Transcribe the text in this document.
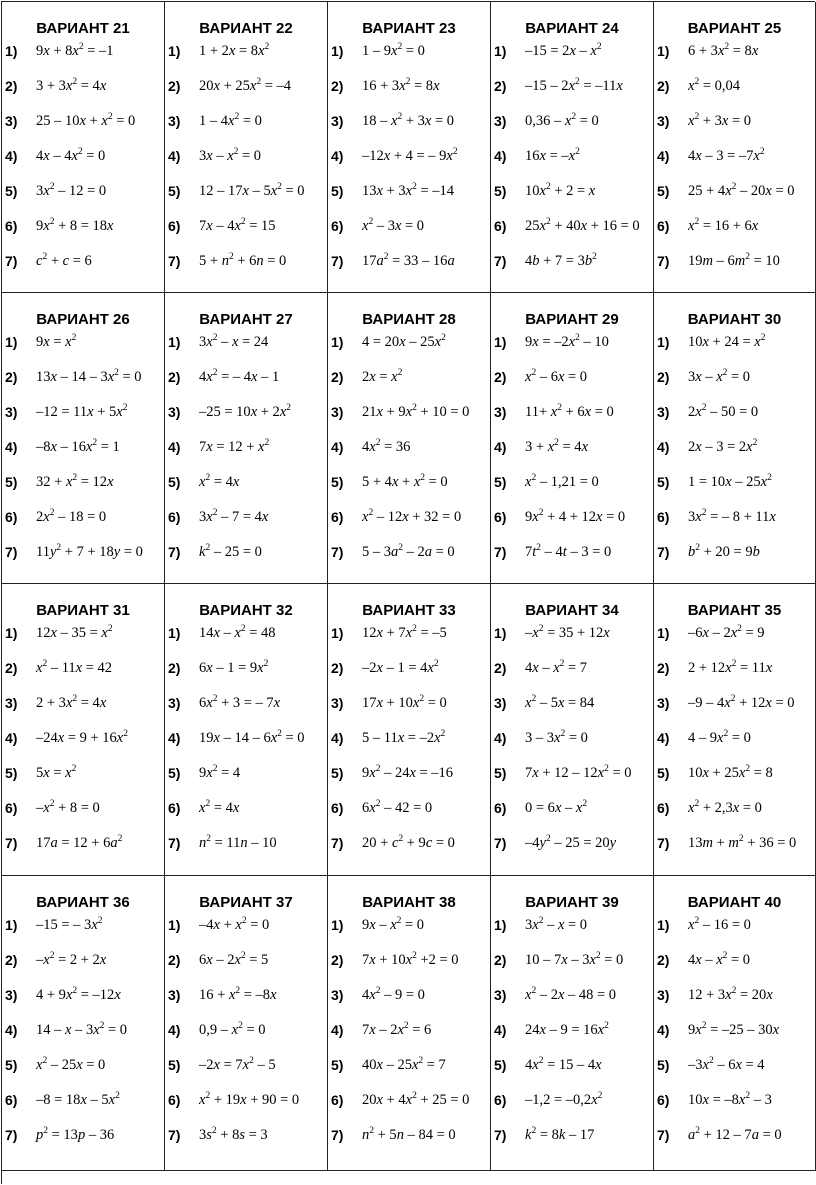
ВАРИАНТ 21
1)	$9x + 8x^2 = -1$
2)	$3 + 3x^2 = 4x$
3)	$25 - 10x + x^2 = 0$
4)	$4x - 4x^2 = 0$
5)	$3x^2 - 12 = 0$
6)	$9x^2 + 8 = 18x$
7)	$c^2 + c = 6$
ВАРИАНТ 22
1)	$1 + 2x = 8x^2$
2)	$20x + 25x^2 = -4$
3)	$1 - 4x^2 = 0$
4)	$3x - x^2 = 0$
5)	$12 - 17x - 5x^2 = 0$
6)	$7x - 4x^2 = 15$
7)	$5 + n^2 + 6n = 0$
ВАРИАНТ 23
1)	$1 - 9x^2 = 0$
2)	$16 + 3x^2 = 8x$
3)	$18 - x^2 + 3x = 0$
4)	–12x + 4 = – $9x^2$
5)	$13x + 3x^2 = -14$
6)	$x^2 - 3x = 0$
7)	$17a^2 = 33 - 16a$
ВАРИАНТ 24
1)	$-15 = 2x - x^2$
2)	$-15 - 2x^2 = -11x$
3)	$0,36 - x^2 = 0$
4)	$16x = -x^2$
5)	$10x^2 + 2 = x$
6)	$25x^2 + 40x + 16 = 0$
7)	$4b + 7 = 3b^2$
ВАРИАНТ 25
1)	$6 + 3x^2 = 8x$
2)	$x^2 = 0,04$
3)	$x^2 + 3x = 0$
4)	$4x - 3 = -7x^2$
5)	$25 + 4x^2 - 20x = 0$
6)	$x^2 = 16 + 6x$
7)	$19m - 6m^2 = 10$
ВАРИАНТ 26
1)	$9x = x^2$
2)	$13x - 14 - 3x^2 = 0$
3)	$-12 = 11x + 5x^2$
4)	$-8x - 16x^2 = 1$
5)	$32 + x^2 = 12x$
6)	$2x^2 - 18 = 0$
7)	$11y^2 + 7 + 18y = 0$
ВАРИАНТ 27
1)	$3x^2 - x = 24$
2)	$4x^2$ = – 4x – 1
3)	$-25 = 10x + 2x^2$
4)	$7x = 12 + x^2$
5)	$x^2 = 4x$
6)	$3x^2 - 7 = 4x$
7)	$k^2 - 25 = 0$
ВАРИАНТ 28
1)	$4 = 20x - 25x^2$
2)	$2x = x^2$
3)	$21x + 9x^2 + 10 = 0$
4)	$4x^2 = 36$
5)	$5 + 4x + x^2 = 0$
6)	$x^2 - 12x + 32 = 0$
7)	$5 - 3a^2 - 2a = 0$
ВАРИАНТ 29
1)	$9x = -2x^2 - 10$
2)	$x^2 - 6x = 0$
3)	$11+ x^2 + 6x = 0$
4)	$3 + x^2 = 4x$
5)	$x^2 - 1,21 = 0$
6)	$9x^2 + 4 + 12x = 0$
7)	$7t^2 - 4t - 3 = 0$
ВАРИАНТ 30
1)	$10x + 24 = x^2$
2)	$3x - x^2 = 0$
3)	$2x^2 - 50 = 0$
4)	$2x - 3 = 2x^2$
5)	$1 = 10x - 25x^2$
6)	$3x^2$ = – 8 + 11x
7)	$b^2 + 20 = 9b$
ВАРИАНТ 31
1)	$12x - 35 = x^2$
2)	$x^2 - 11x = 42$
3)	$2 + 3x^2 = 4x$
4)	$-24x = 9 + 16x^2$
5)	$5x = x^2$
6)	$-x^2 + 8 = 0$
7)	$17a = 12 + 6a^2$
ВАРИАНТ 32
1)	$14x - x^2 = 48$
2)	$6x - 1 = 9x^2$
3)	$6x^2 + 3$ = – 7x
4)	$19x - 14 - 6x^2 = 0$
5)	$9x^2 = 4$
6)	$x^2 = 4x$
7)	$n^2 = 11n - 10$
ВАРИАНТ 33
1)	$12x + 7x^2 = -5$
2)	$-2x - 1 = 4x^2$
3)	$17x + 10x^2 = 0$
4)	$5 - 11x = -2x^2$
5)	$9x^2 - 24x = -16$
6)	$6x^2 - 42 = 0$
7)	$20 + c^2 + 9c = 0$
ВАРИАНТ 34
1)	$-x^2 = 35 + 12x$
2)	$4x - x^2 = 7$
3)	$x^2 - 5x = 84$
4)	$3 - 3x^2 = 0$
5)	$7x + 12 - 12x^2 = 0$
6)	$0 = 6x - x^2$
7)	$-4y^2 - 25 = 20y$
ВАРИАНТ 35
1)	$-6x - 2x^2 = 9$
2)	$2 + 12x^2 = 11x$
3)	$-9 - 4x^2 + 12x = 0$
4)	$4 - 9x^2 = 0$
5)	$10x + 25x^2 = 8$
6)	$x^2 + 2,3x = 0$
7)	$13m + m^2 + 36 = 0$
ВАРИАНТ 36
1)	–15 = – $3x^2$
2)	$-x^2 = 2 + 2x$
3)	$4 + 9x^2 = -12x$
4)	$14 - x - 3x^2 = 0$
5)	$x^2 - 25x = 0$
6)	$-8 = 18x - 5x^2$
7)	$p^2 = 13p - 36$
ВАРИАНТ 37
1)	$-4x + x^2 = 0$
2)	$6x - 2x^2 = 5$
3)	$16 + x^2 = -8x$
4)	$0,9 - x^2 = 0$
5)	$-2x = 7x^2 - 5$
6)	$x^2 + 19x + 90 = 0$
7)	$3s^2 + 8s = 3$
ВАРИАНТ 38
1)	$9x - x^2 = 0$
2)	$7x + 10x^2 +2 = 0$
3)	$4x^2 - 9 = 0$
4)	$7x - 2x^2 = 6$
5)	$40x - 25x^2 = 7$
6)	$20x + 4x^2 + 25 = 0$
7)	$n^2 + 5n - 84 = 0$
ВАРИАНТ 39
1)	$3x^2 - x = 0$
2)	$10 - 7x - 3x^2 = 0$
3)	$x^2 - 2x - 48 = 0$
4)	$24x - 9 = 16x^2$
5)	$4x^2 = 15 - 4x$
6)	$-1,2 = -0,2x^2$
7)	$k^2 = 8k - 17$
ВАРИАНТ 40
1)	$x^2 - 16 = 0$
2)	$4x - x^2 = 0$
3)	$12 + 3x^2 = 20x$
4)	$9x^2 = -25 - 30x$
5)	$-3x^2 - 6x = 4$
6)	$10x = -8x^2 - 3$
7)	$a^2 + 12 - 7a = 0$
